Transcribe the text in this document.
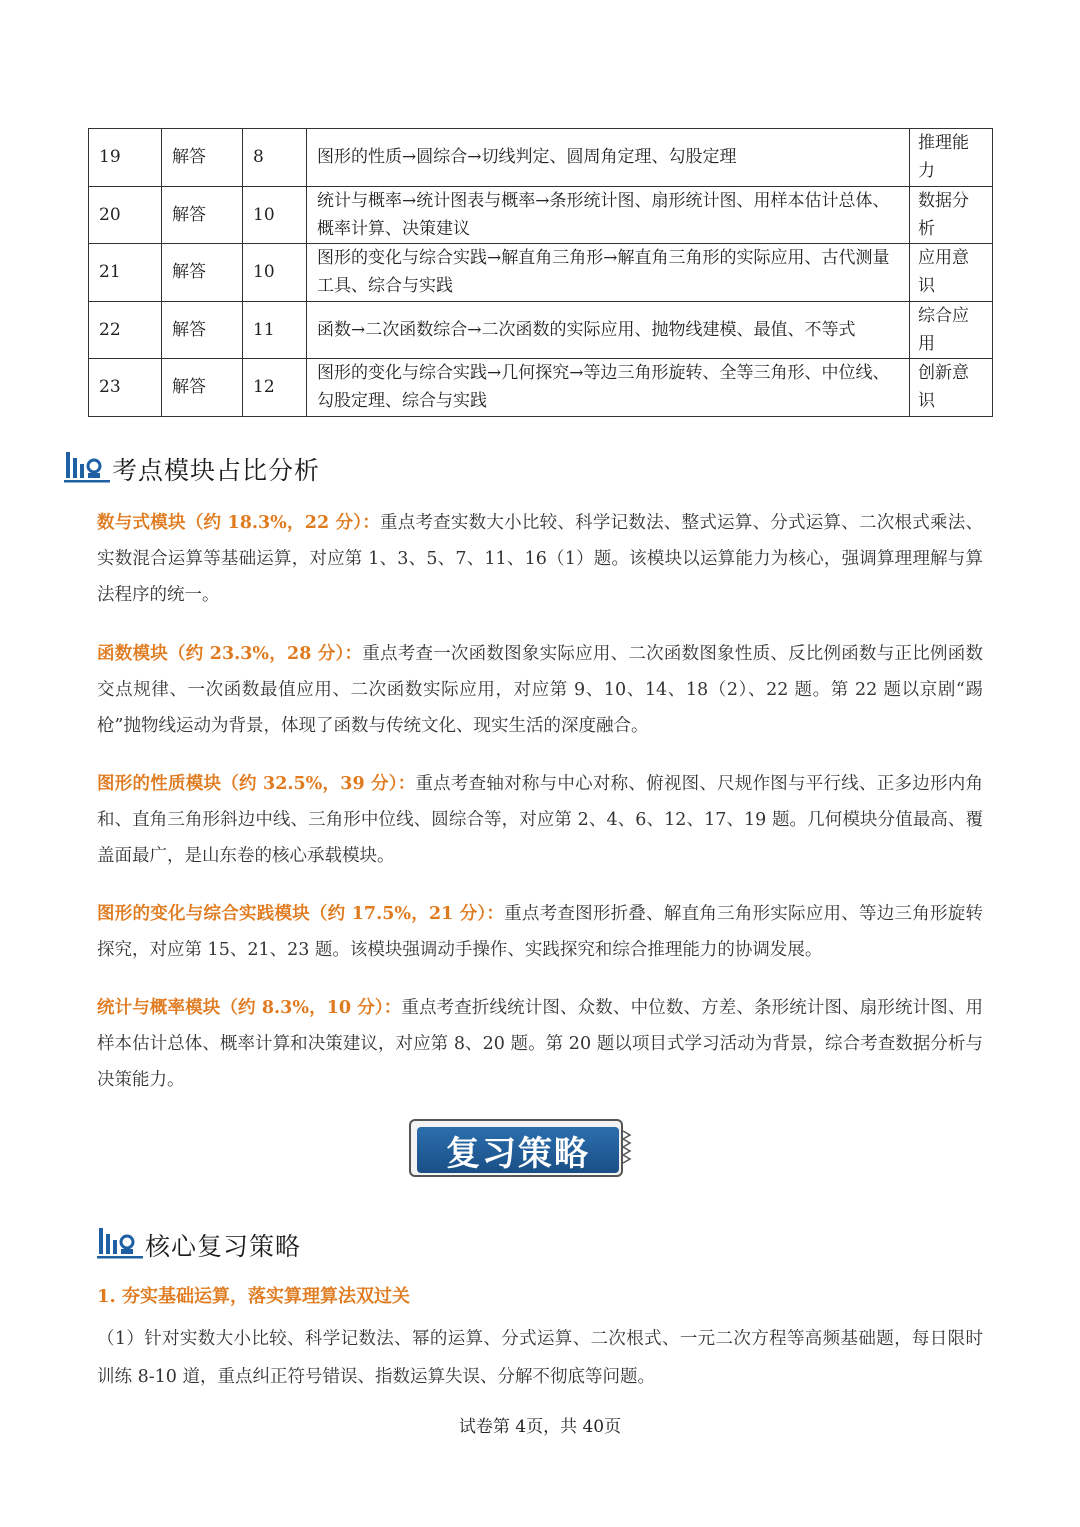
19	解答	8	图形的性质→圆综合→切线判定、圆周角定理、勾股定理	推理能力
20	解答	10	统计与概率→统计图表与概率→条形统计图、扇形统计图、用样本估计总体、概率计算、决策建议	数据分析
21	解答	10	图形的变化与综合实践→解直角三角形→解直角三角形的实际应用、古代测量工具、综合与实践	应用意识
22	解答	11	函数→二次函数综合→二次函数的实际应用、抛物线建模、最值、不等式	综合应用
23	解答	12	图形的变化与综合实践→几何探究→等边三角形旋转、全等三角形、中位线、勾股定理、综合与实践	创新意识
考点模块占比分析

数与式模块（约 18.3%，22 分）：重点考查实数大小比较、科学记数法、整式运算、分式运算、二次根式乘法、实数混合运算等基础运算，对应第 1、3、5、7、11、16（1）题。该模块以运算能力为核心，强调算理理解与算法程序的统一。

函数模块（约 23.3%，28 分）：重点考查一次函数图象实际应用、二次函数图象性质、反比例函数与正比例函数交点规律、一次函数最值应用、二次函数实际应用，对应第 9、10、14、18（2）、22 题。第 22 题以京剧“踢枪”抛物线运动为背景，体现了函数与传统文化、现实生活的深度融合。

图形的性质模块（约 32.5%，39 分）：重点考查轴对称与中心对称、俯视图、尺规作图与平行线、正多边形内角和、直角三角形斜边中线、三角形中位线、圆综合等，对应第 2、4、6、12、17、19 题。几何模块分值最高、覆盖面最广，是山东卷的核心承载模块。

图形的变化与综合实践模块（约 17.5%，21 分）：重点考查图形折叠、解直角三角形实际应用、等边三角形旋转探究，对应第 15、21、23 题。该模块强调动手操作、实践探究和综合推理能力的协调发展。

统计与概率模块（约 8.3%，10 分）：重点考查折线统计图、众数、中位数、方差、条形统计图、扇形统计图、用样本估计总体、概率计算和决策建议，对应第 8、20 题。第 20 题以项目式学习活动为背景，综合考查数据分析与决策能力。

复习策略
核心复习策略
1. 夯实基础运算，落实算理算法双过关

（1）针对实数大小比较、科学记数法、幂的运算、分式运算、二次根式、一元二次方程等高频基础题，每日限时训练 8-10 道，重点纠正符号错误、指数运算失误、分解不彻底等问题。

试卷第 4页，共 40页
